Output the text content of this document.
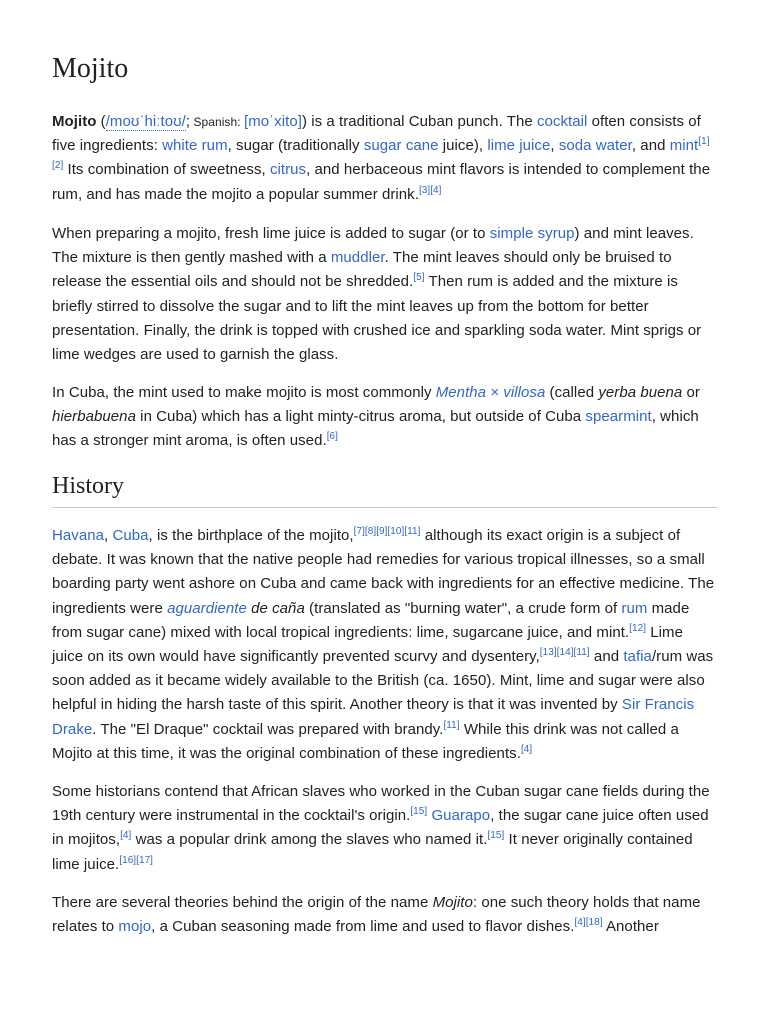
Mojito

Mojito (/moʊˈhiːtoʊ/; Spanish: [moˈxito]) is a traditional Cuban punch. The cocktail often consists of five ingredients: white rum, sugar (traditionally sugar cane juice), lime juice, soda water, and mint[1][2] Its combination of sweetness, citrus, and herbaceous mint flavors is intended to complement the rum, and has made the mojito a popular summer drink.[3][4]

When preparing a mojito, fresh lime juice is added to sugar (or to simple syrup) and mint leaves. The mixture is then gently mashed with a muddler. The mint leaves should only be bruised to release the essential oils and should not be shredded.[5] Then rum is added and the mixture is briefly stirred to dissolve the sugar and to lift the mint leaves up from the bottom for better presentation. Finally, the drink is topped with crushed ice and sparkling soda water. Mint sprigs or lime wedges are used to garnish the glass.

In Cuba, the mint used to make mojito is most commonly Mentha × villosa (called yerba buena or hierbabuena in Cuba) which has a light minty-citrus aroma, but outside of Cuba spearmint, which has a stronger mint aroma, is often used.[6]

History

Havana, Cuba, is the birthplace of the mojito,[7][8][9][10][11] although its exact origin is a subject of debate. It was known that the native people had remedies for various tropical illnesses, so a small boarding party went ashore on Cuba and came back with ingredients for an effective medicine. The ingredients were aguardiente de caña (translated as "burning water", a crude form of rum made from sugar cane) mixed with local tropical ingredients: lime, sugarcane juice, and mint.[12] Lime juice on its own would have significantly prevented scurvy and dysentery,[13][14][11] and tafia/rum was soon added as it became widely available to the British (ca. 1650). Mint, lime and sugar were also helpful in hiding the harsh taste of this spirit. Another theory is that it was invented by Sir Francis Drake. The "El Draque" cocktail was prepared with brandy.[11] While this drink was not called a Mojito at this time, it was the original combination of these ingredients.[4]

Some historians contend that African slaves who worked in the Cuban sugar cane fields during the 19th century were instrumental in the cocktail's origin.[15] Guarapo, the sugar cane juice often used in mojitos,[4] was a popular drink among the slaves who named it.[15] It never originally contained lime juice.[16][17]

There are several theories behind the origin of the name Mojito: one such theory holds that name relates to mojo, a Cuban seasoning made from lime and used to flavor dishes.[4][18] Another
